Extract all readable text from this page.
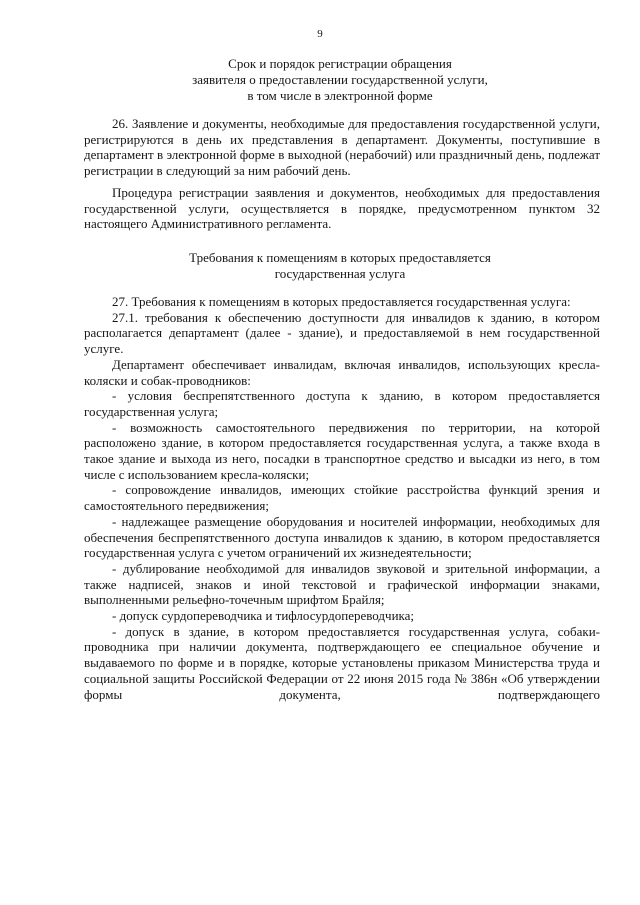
9
Срок и порядок регистрации обращения
заявителя о предоставлении государственной услуги,
в том числе в электронной форме
26. Заявление и документы, необходимые для предоставления государственной услуги, регистрируются в день их представления в департамент. Документы, поступившие в департамент в электронной форме в выходной (нерабочий) или праздничный день, подлежат регистрации в следующий за ним рабочий день.
Процедура регистрации заявления и документов, необходимых для предоставления государственной услуги, осуществляется в порядке, предусмотренном пунктом 32 настоящего Административного регламента.
Требования к помещениям в которых предоставляется
государственная услуга
27. Требования к помещениям в которых предоставляется государственная услуга:
27.1. требования к обеспечению доступности для инвалидов к зданию, в котором располагается департамент (далее - здание), и предоставляемой в нем государственной услуге.
Департамент обеспечивает инвалидам, включая инвалидов, использующих кресла-коляски и собак-проводников:
- условия беспрепятственного доступа к зданию, в котором предоставляется государственная услуга;
- возможность самостоятельного передвижения по территории, на которой расположено здание, в котором предоставляется государственная услуга, а также входа в такое здание и выхода из него, посадки в транспортное средство и высадки из него, в том числе с использованием кресла-коляски;
- сопровождение инвалидов, имеющих стойкие расстройства функций зрения и самостоятельного передвижения;
- надлежащее размещение оборудования и носителей информации, необходимых для обеспечения беспрепятственного доступа инвалидов к зданию, в котором предоставляется государственная услуга с учетом ограничений их жизнедеятельности;
- дублирование необходимой для инвалидов звуковой и зрительной информации, а также надписей, знаков и иной текстовой и графической информации знаками, выполненными рельефно-точечным шрифтом Брайля;
- допуск сурдопереводчика и тифлосурдопереводчика;
- допуск в здание, в котором предоставляется государственная услуга, собаки-проводника при наличии документа, подтверждающего ее специальное обучение и выдаваемого по форме и в порядке, которые установлены приказом Министерства труда и социальной защиты Российской Федерации от 22 июня 2015 года № 386н «Об утверждении формы документа, подтверждающего
